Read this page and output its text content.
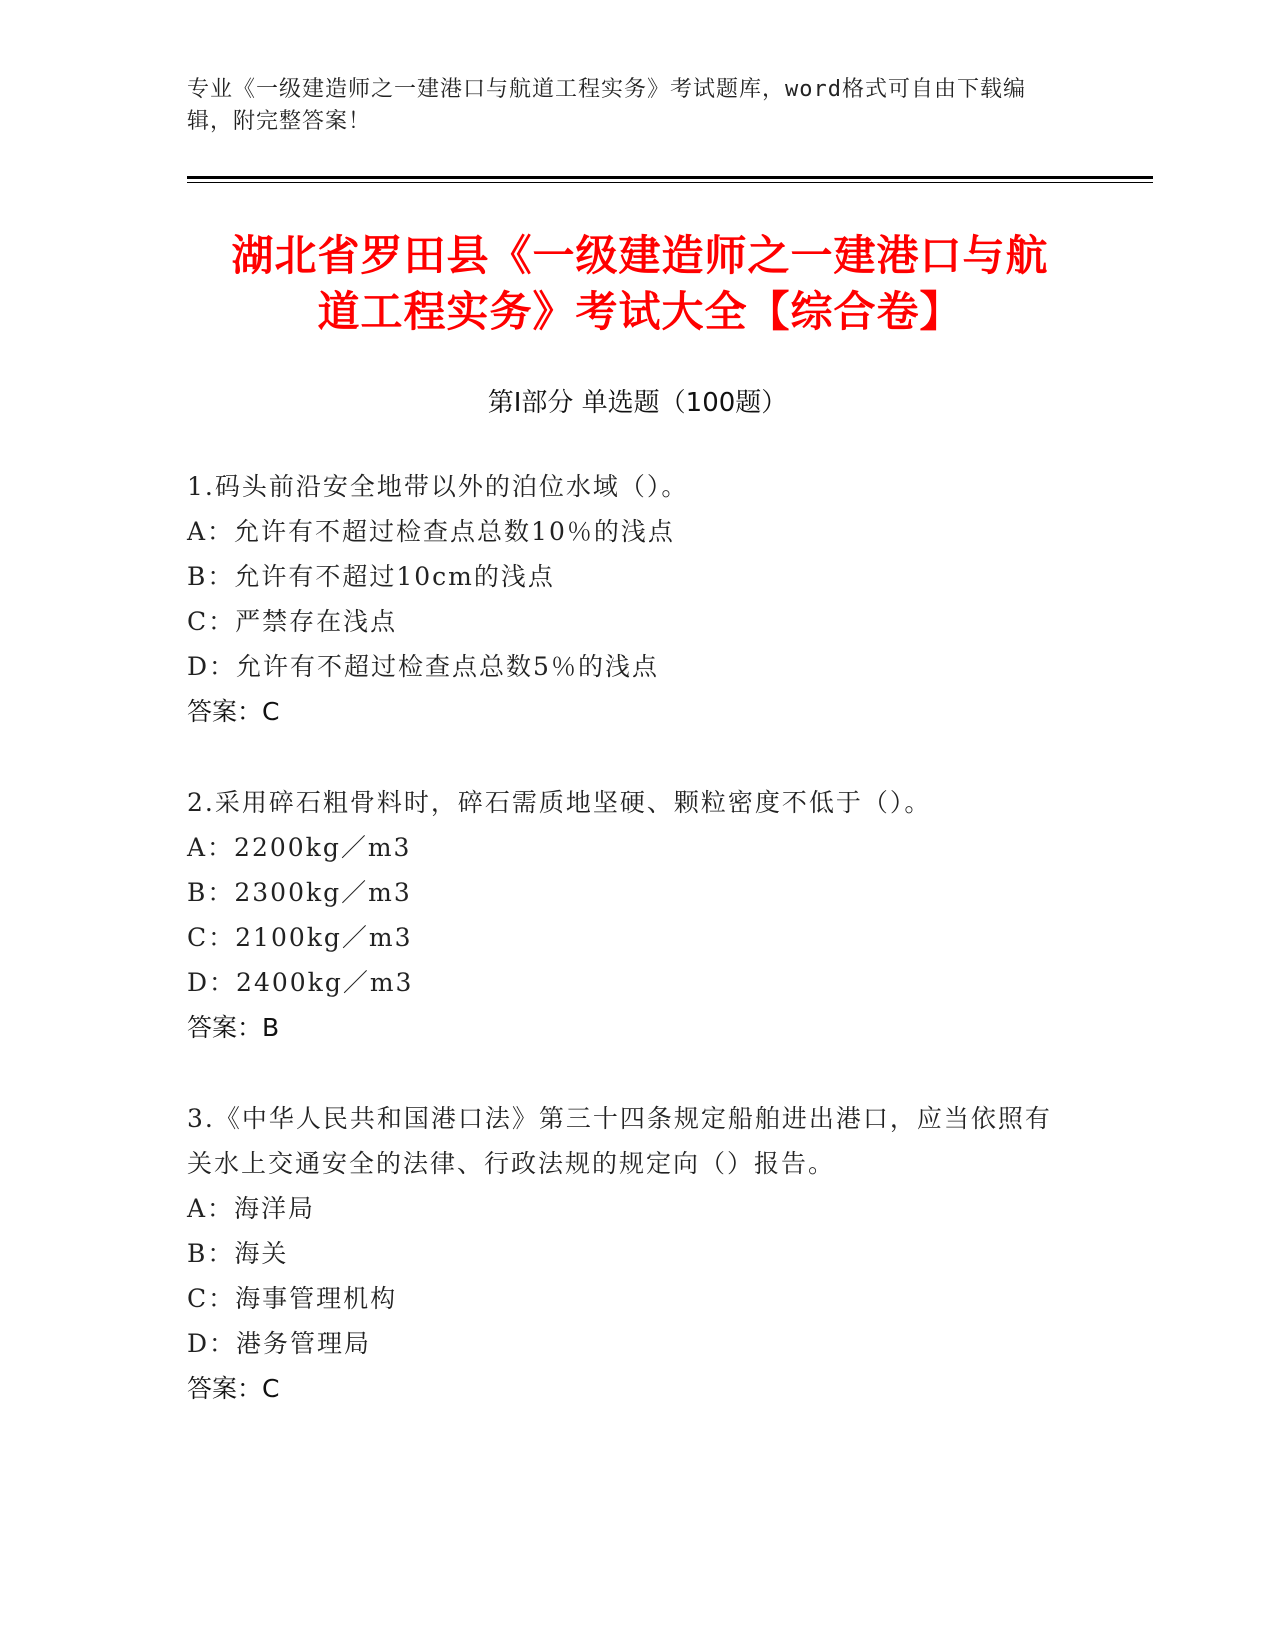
专业《一级建造师之一建港口与航道工程实务》考试题库，word格式可自由下载编辑，附完整答案！
湖北省罗田县《一级建造师之一建港口与航
道工程实务》考试大全【综合卷】
第Ⅰ部分 单选题（100题）
1.码头前沿安全地带以外的泊位水域（）。
A：允许有不超过检查点总数10％的浅点
B：允许有不超过10cm的浅点
C：严禁存在浅点
D：允许有不超过检查点总数5％的浅点
答案：C
2.采用碎石粗骨料时，碎石需质地坚硬、颗粒密度不低于（）。
A：2200kg／m3
B：2300kg／m3
C：2100kg／m3
D：2400kg／m3
答案：B
3.《中华人民共和国港口法》第三十四条规定船舶进出港口，应当依照有关水上交通安全的法律、行政法规的规定向（）报告。
A：海洋局
B：海关
C：海事管理机构
D：港务管理局
答案：C
